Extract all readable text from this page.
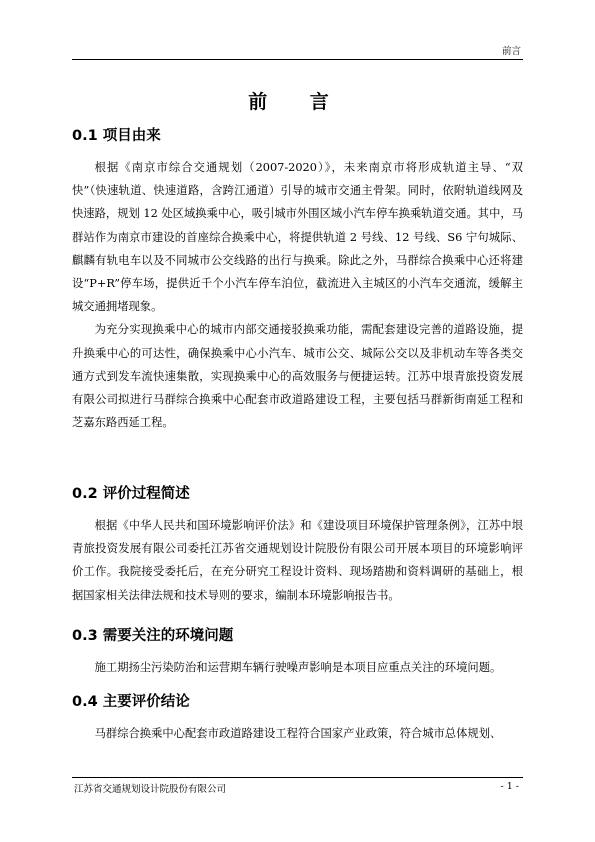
前言
前 言
0.1 项目由来

根据《南京市综合交通规划（2007-2020）》，未来南京市将形成轨道主导、“双快”（快速轨道、快速道路，含跨江通道）引导的城市交通主骨架。同时，依附轨道线网及快速路，规划 12 处区域换乘中心，吸引城市外围区域小汽车停车换乘轨道交通。其中，马群站作为南京市建设的首座综合换乘中心，将提供轨道 2 号线、12 号线、S6 宁句城际、麒麟有轨电车以及不同城市公交线路的出行与换乘。除此之外，马群综合换乘中心还将建设“P+R”停车场，提供近千个小汽车停车泊位，截流进入主城区的小汽车交通流，缓解主城交通拥堵现象。

为充分实现换乘中心的城市内部交通接驳换乘功能，需配套建设完善的道路设施，提升换乘中心的可达性，确保换乘中心小汽车、城市公交、城际公交以及非机动车等各类交通方式到发车流快速集散，实现换乘中心的高效服务与便捷运转。江苏中垠青旅投资发展有限公司拟进行马群综合换乘中心配套市政道路建设工程，主要包括马群新街南延工程和芝嘉东路西延工程。

0.2 评价过程简述

根据《中华人民共和国环境影响评价法》和《建设项目环境保护管理条例》，江苏中垠青旅投资发展有限公司委托江苏省交通规划设计院股份有限公司开展本项目的环境影响评价工作。我院接受委托后，在充分研究工程设计资料、现场踏勘和资料调研的基础上，根据国家相关法律法规和技术导则的要求，编制本环境影响报告书。

0.3 需要关注的环境问题

施工期扬尘污染防治和运营期车辆行驶噪声影响是本项目应重点关注的环境问题。

0.4 主要评价结论

马群综合换乘中心配套市政道路建设工程符合国家产业政策，符合城市总体规划、

江苏省交通规划设计院股份有限公司	- 1 -
